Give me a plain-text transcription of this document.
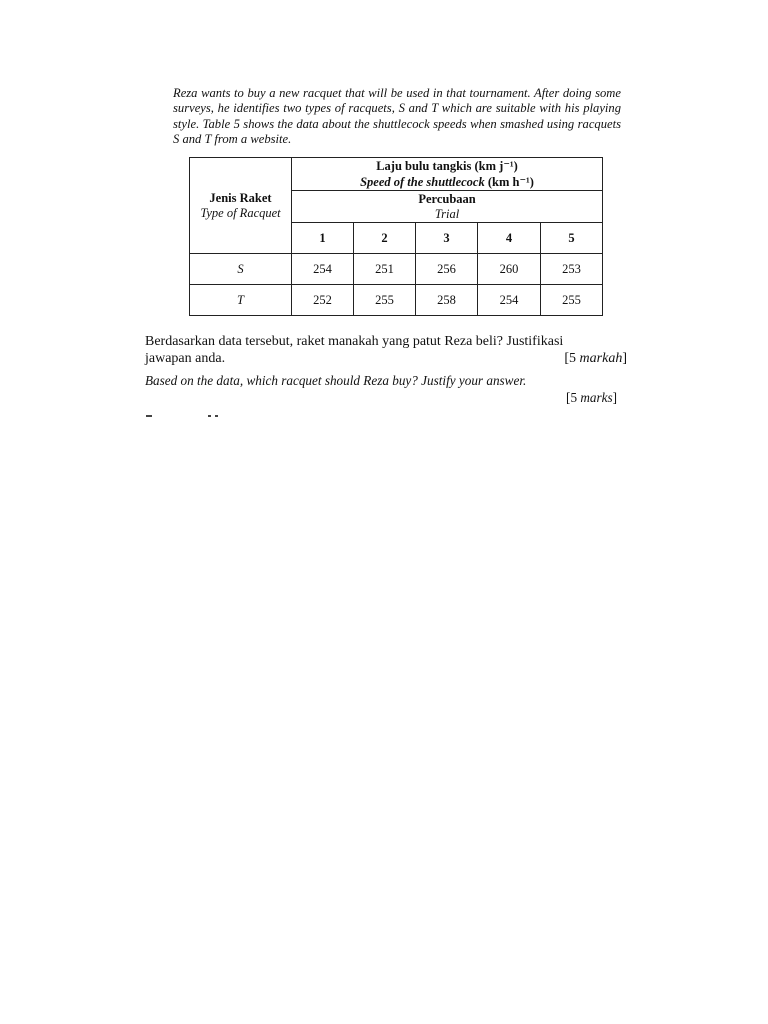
Reza wants to buy a new racquet that will be used in that tournament. After doing some surveys, he identifies two types of racquets, S and T which are suitable with his playing style. Table 5 shows the data about the shuttlecock speeds when smashed using racquets S and T from a website.

Jenis Raket
Type of Racquet	Laju bulu tangkis (km j⁻¹)
Speed of the shuttlecock (km h⁻¹)				

	Percubaan
Trial				

	1	2	3	4	5
S	254	251	256	260	253
T	252	255	258	254	255
Berdasarkan data tersebut, raket manakah yang patut Reza beli? Justifikasi
jawapan anda.	[5 markah]
Based on the data, which racquet should Reza buy? Justify your answer.
[5 marks]
